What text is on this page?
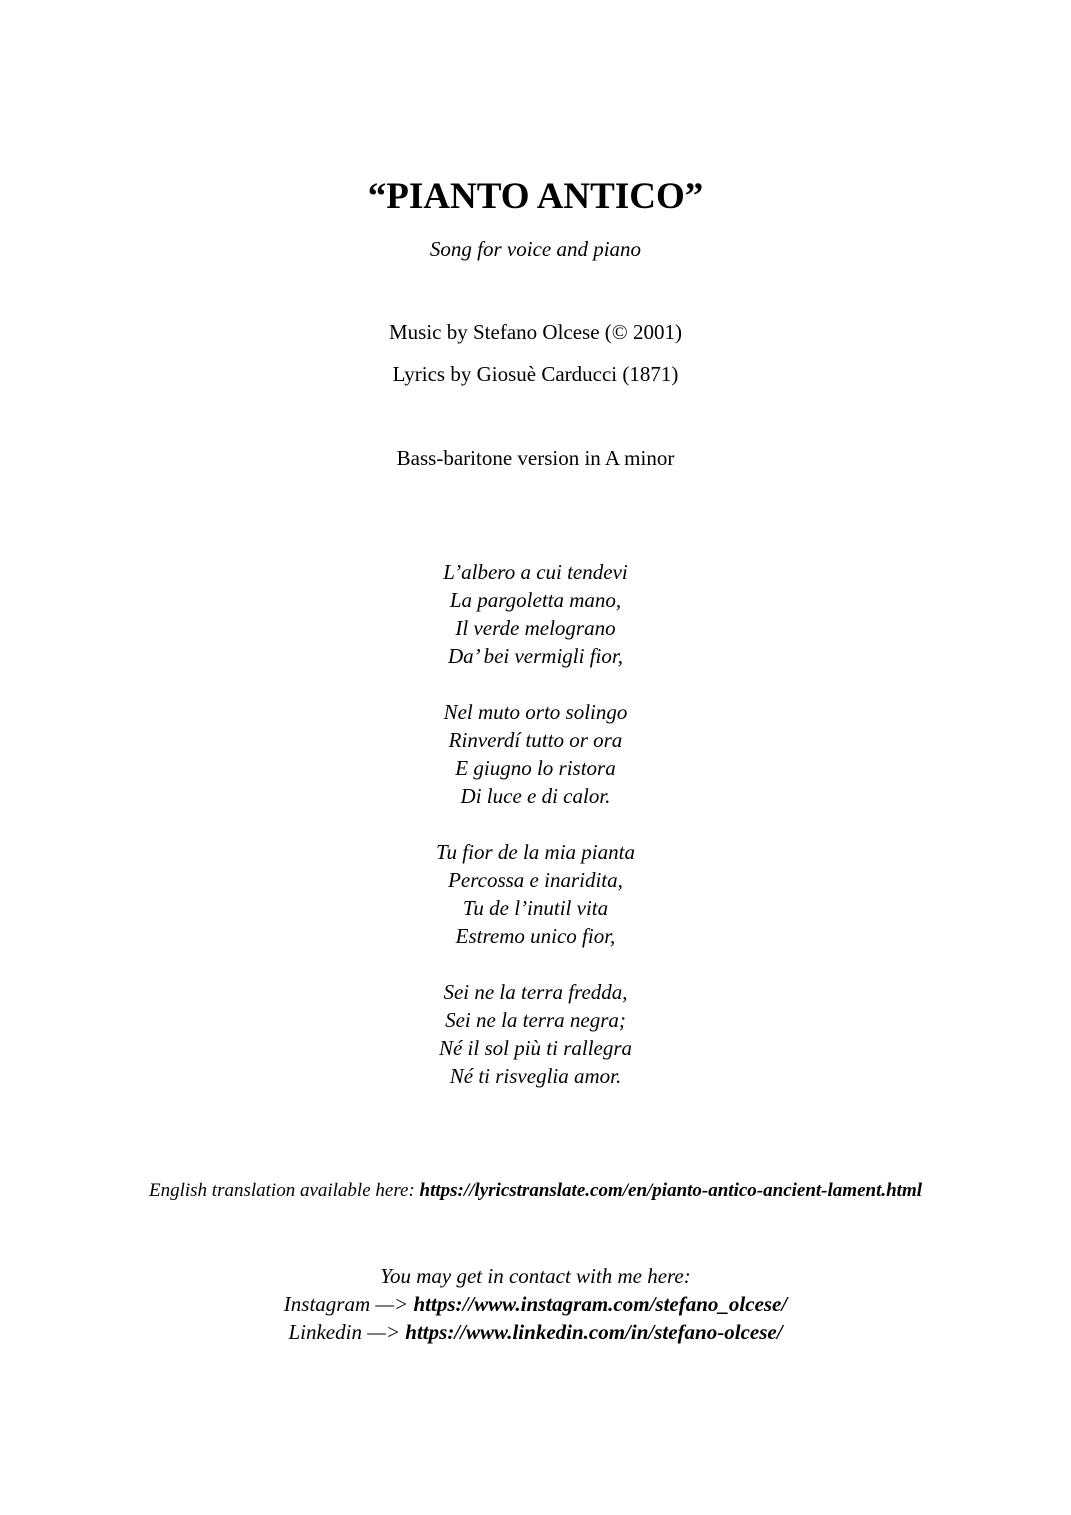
“PIANTO ANTICO”
Song for voice and piano
Music by Stefano Olcese (© 2001)
Lyrics by Giosuè Carducci (1871)
Bass-baritone version in A minor
L’albero a cui tendevi
La pargoletta mano,
Il verde melograno
Da’ bei vermigli fior,
Nel muto orto solingo
Rinverdí tutto or ora
E giugno lo ristora
Di luce e di calor.
Tu fior de la mia pianta
Percossa e inaridita,
Tu de l’inutil vita
Estremo unico fior,
Sei ne la terra fredda,
Sei ne la terra negra;
Né il sol più ti rallegra
Né ti risveglia amor.
English translation available here: https://lyricstranslate.com/en/pianto-antico-ancient-lament.html
You may get in contact with me here:
Instagram —> https://www.instagram.com/stefano_olcese/
Linkedin —> https://www.linkedin.com/in/stefano-olcese/
